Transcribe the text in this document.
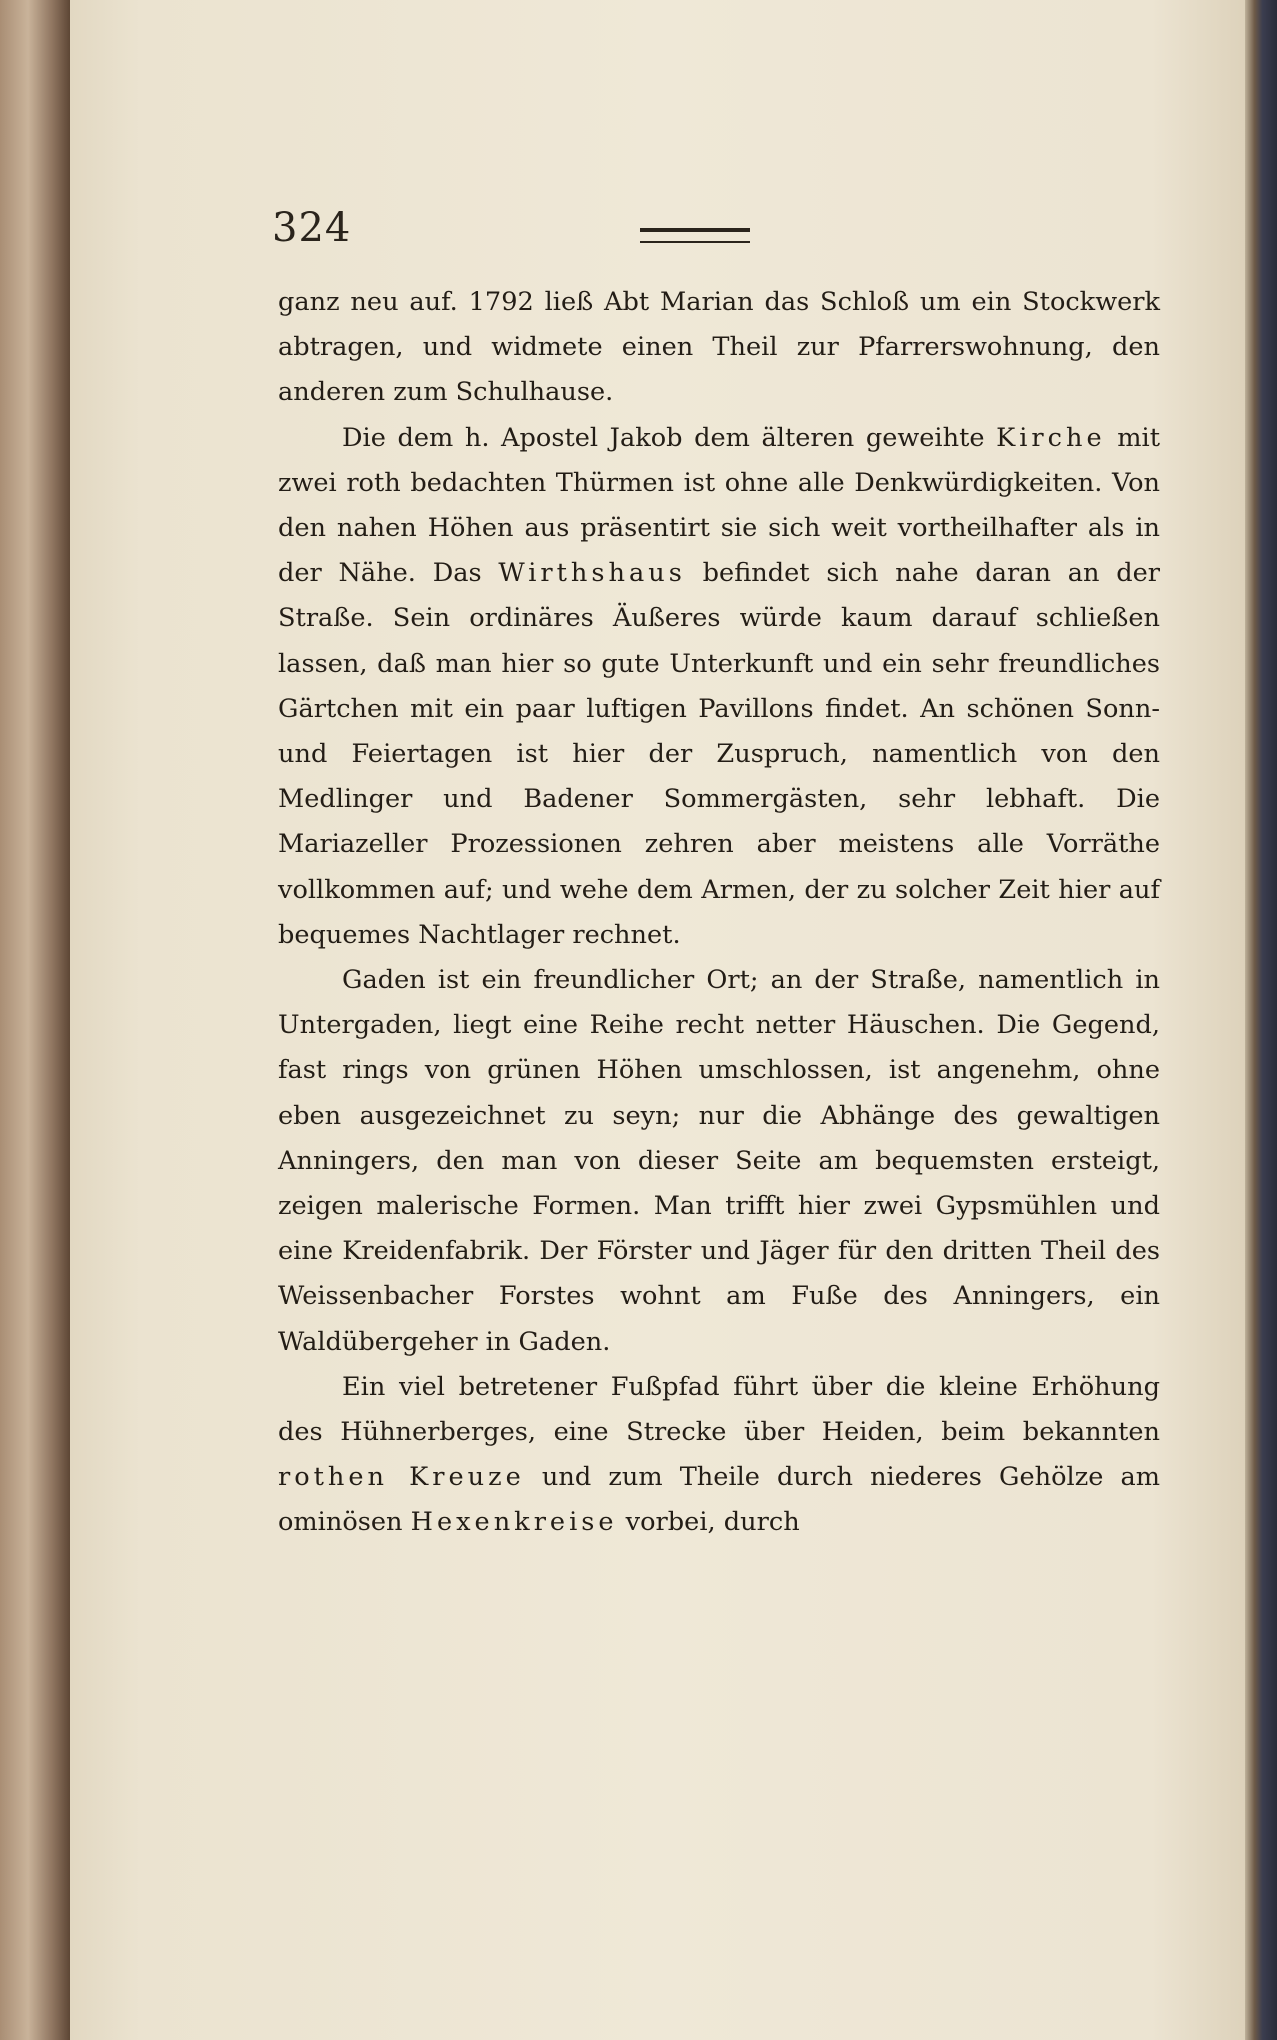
324

ganz neu auf. 1792 ließ Abt Marian das Schloß um ein Stockwerk abtragen, und widmete einen Theil zur Pfarrerswohnung, den anderen zum Schulhause.

Die dem h. Apostel Jakob dem älteren geweihte Kirche mit zwei roth bedachten Thürmen ist ohne alle Denkwürdigkeiten. Von den nahen Höhen aus präsentirt sie sich weit vortheilhafter als in der Nähe. Das Wirthshaus befindet sich nahe daran an der Straße. Sein ordinäres Äußeres würde kaum darauf schließen lassen, daß man hier so gute Unterkunft und ein sehr freundliches Gärtchen mit ein paar luftigen Pavillons findet. An schönen Sonn- und Feiertagen ist hier der Zuspruch, namentlich von den Medlinger und Badener Sommergästen, sehr lebhaft. Die Mariazeller Prozessionen zehren aber meistens alle Vorräthe vollkommen auf; und wehe dem Armen, der zu solcher Zeit hier auf bequemes Nachtlager rechnet.

Gaden ist ein freundlicher Ort; an der Straße, namentlich in Untergaden, liegt eine Reihe recht netter Häuschen. Die Gegend, fast rings von grünen Höhen umschlossen, ist angenehm, ohne eben ausgezeichnet zu seyn; nur die Abhänge des gewaltigen Anningers, den man von dieser Seite am bequemsten ersteigt, zeigen malerische Formen. Man trifft hier zwei Gypsmühlen und eine Kreidenfabrik. Der Förster und Jäger für den dritten Theil des Weissenbacher Forstes wohnt am Fuße des Anningers, ein Waldübergeher in Gaden.

Ein viel betretener Fußpfad führt über die kleine Erhöhung des Hühnerberges, eine Strecke über Heiden, beim bekannten rothen Kreuze und zum Theile durch niederes Gehölze am ominösen Hexenkreise vorbei, durch
